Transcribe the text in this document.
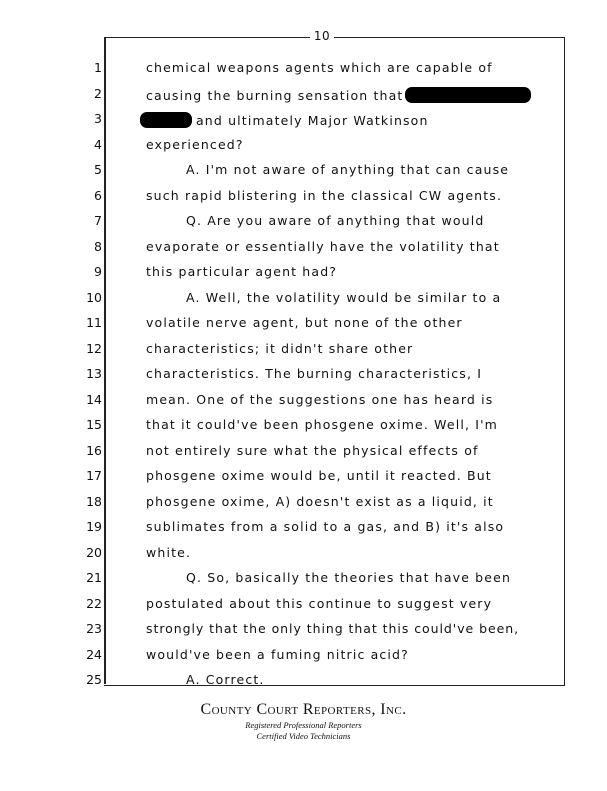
10
1
2
3
4
5
6
7
8
9
10
11
12
13
14
15
16
17
18
19
20
21
22
23
24
25
chemical weapons agents which are capable of
causing the burning sensation that
and ultimately Major Watkinson
experienced?
A. I'm not aware of anything that can cause
such rapid blistering in the classical CW agents.
Q. Are you aware of anything that would
evaporate or essentially have the volatility that
this particular agent had?
A. Well, the volatility would be similar to a
volatile nerve agent, but none of the other
characteristics; it didn't share other
characteristics. The burning characteristics, I
mean. One of the suggestions one has heard is
that it could've been phosgene oxime. Well, I'm
not entirely sure what the physical effects of
phosgene oxime would be, until it reacted. But
phosgene oxime, A) doesn't exist as a liquid, it
sublimates from a solid to a gas, and B) it's also
white.
Q. So, basically the theories that have been
postulated about this continue to suggest very
strongly that the only thing that this could've been,
would've been a fuming nitric acid?
A. Correct.
County Court Reporters, Inc.
Registered Professional Reporters
Certified Video Technicians
